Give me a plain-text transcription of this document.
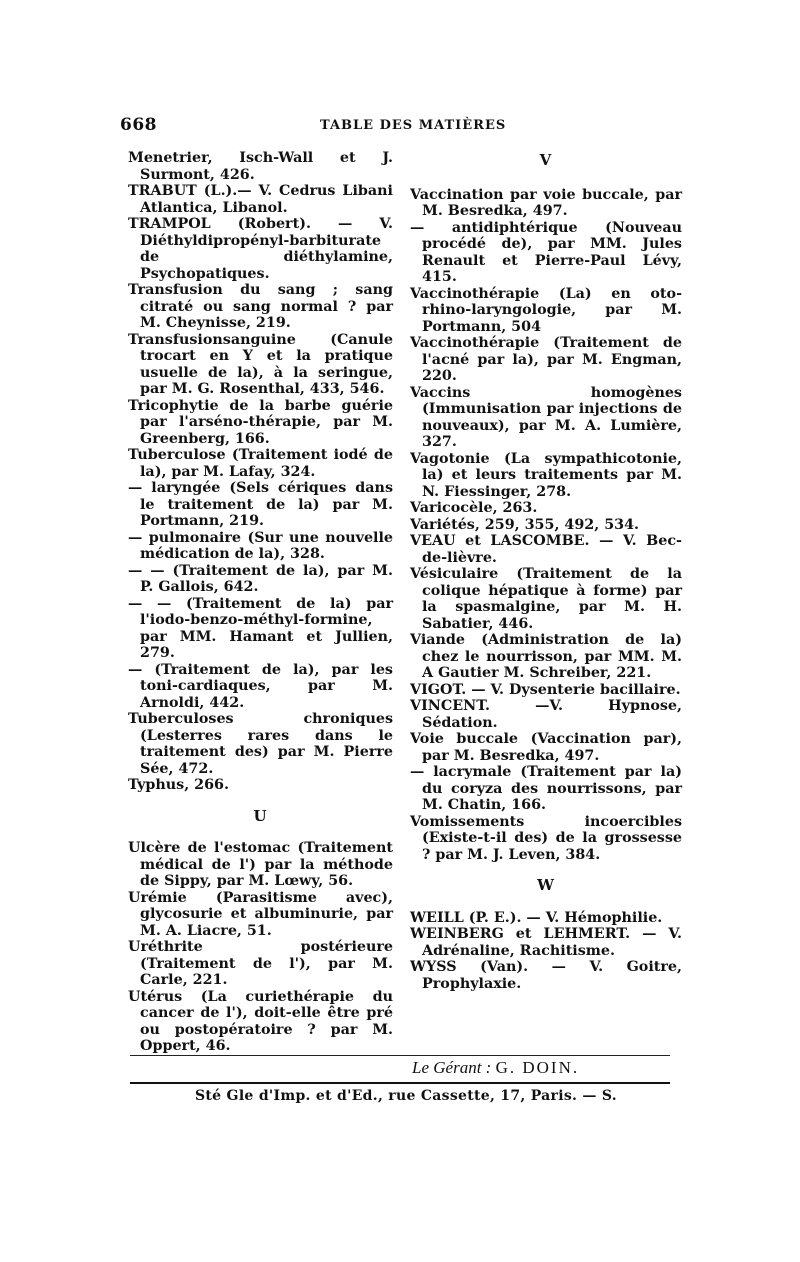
668	TABLE DES MATIÈRES

Menetrier, Isch-Wall et J. Surmont, 426.

TRABUT (L.).— V. Cedrus Libani Atlantica, Libanol.

TRAMPOL (Robert). — V. Diéthyldipropényl-barbiturate de diéthylamine, Psychopatiques.

Transfusion du sang ; sang citraté ou sang normal ? par M. Cheynisse, 219.

Transfusionsanguine (Canule trocart en Y et la pratique usuelle de la), à la seringue, par M. G. Rosenthal, 433, 546.

Tricophytie de la barbe guérie par l'arséno-thérapie, par M. Greenberg, 166.

Tuberculose (Traitement iodé de la), par M. Lafay, 324.

— laryngée (Sels cériques dans le traitement de la) par M. Portmann, 219.

— pulmonaire (Sur une nouvelle médication de la), 328.

— — (Traitement de la), par M. P. Gallois, 642.

— — (Traitement de la) par l'iodo-benzo-méthyl-formine, par MM. Hamant et Jullien, 279.

— (Traitement de la), par les toni-cardiaques, par M. Arnoldi, 442.

Tuberculoses chroniques (Lesterres rares dans le traitement des) par M. Pierre Sée, 472.

Typhus, 266.

U

Ulcère de l'estomac (Traitement médical de l') par la méthode de Sippy, par M. Lœwy, 56.

Urémie (Parasitisme avec), glycosurie et albuminurie, par M. A. Liacre, 51.

Uréthrite postérieure (Traitement de l'), par M. Carle, 221.

Utérus (La curiethérapie du cancer de l'), doit-elle être pré ou postopératoire ? par M. Oppert, 46.

V

Vaccination par voie buccale, par M. Besredka, 497.

— antidiphtérique (Nouveau procédé de), par MM. Jules Renault et Pierre-Paul Lévy, 415.

Vaccinothérapie (La) en oto-rhino-laryngologie, par M. Portmann, 504

Vaccinothérapie (Traitement de l'acné par la), par M. Engman, 220.

Vaccins homogènes (Immunisation par injections de nouveaux), par M. A. Lumière, 327.

Vagotonie (La sympathicotonie, la) et leurs traitements par M. N. Fiessinger, 278.

Varicocèle, 263.

Variétés, 259, 355, 492, 534.

VEAU et LASCOMBE. — V. Bec-de-lièvre.

Vésiculaire (Traitement de la colique hépatique à forme) par la spasmalgine, par M. H. Sabatier, 446.

Viande (Administration de la) chez le nourrisson, par MM. M. A Gautier M. Schreiber, 221.

VIGOT. — V. Dysenterie bacillaire.

VINCENT. —V. Hypnose, Sédation.

Voie buccale (Vaccination par), par M. Besredka, 497.

— lacrymale (Traitement par la) du coryza des nourrissons, par M. Chatin, 166.

Vomissements incoercibles (Existe-t-il des) de la grossesse ? par M. J. Leven, 384.

W

WEILL (P. E.). — V. Hémophilie.

WEINBERG et LEHMERT. — V. Adrénaline, Rachitisme.

WYSS (Van). — V. Goitre, Prophylaxie.

Le Gérant : G. DOIN.
Sté Gle d'Imp. et d'Ed., rue Cassette, 17, Paris. — S.
